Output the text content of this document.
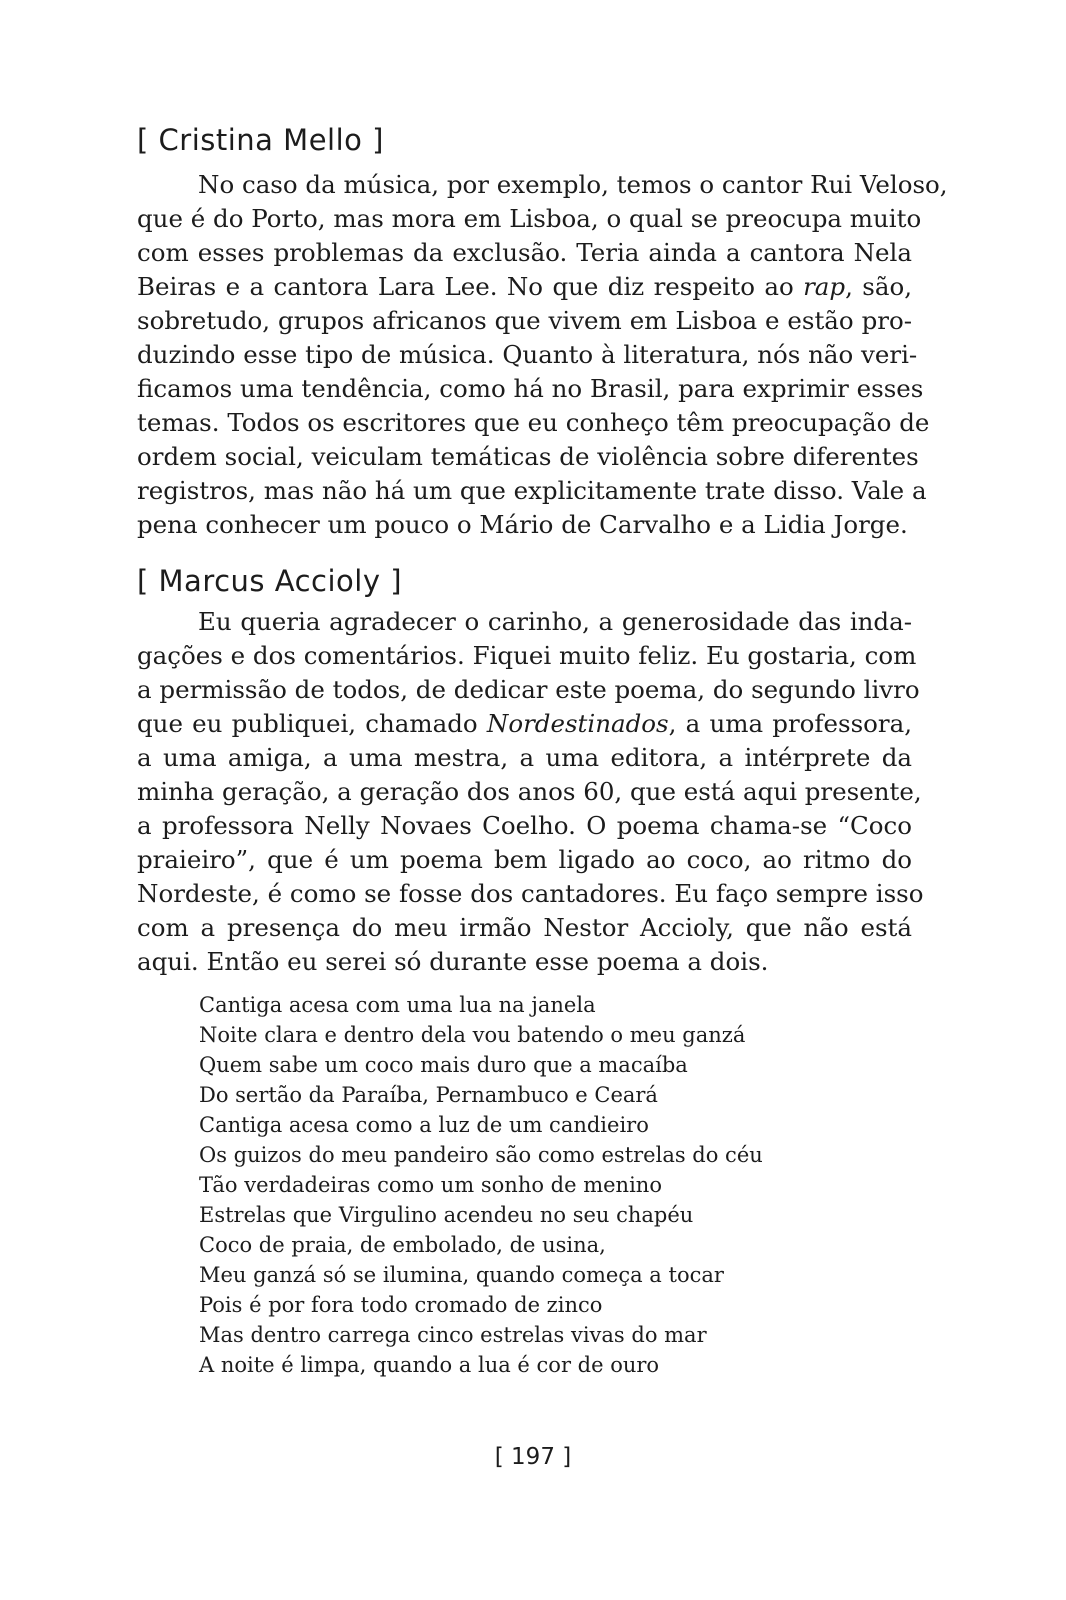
[ Cristina Mello ]
No caso da música, por exemplo, temos o cantor Rui Veloso,
que é do Porto, mas mora em Lisboa, o qual se preocupa muito
com esses problemas da exclusão. Teria ainda a cantora Nela
Beiras e a cantora Lara Lee. No que diz respeito ao rap, são,
sobretudo, grupos africanos que vivem em Lisboa e estão pro-
duzindo esse tipo de música. Quanto à literatura, nós não veri-
ficamos uma tendência, como há no Brasil, para exprimir esses
temas. Todos os escritores que eu conheço têm preocupação de
ordem social, veiculam temáticas de violência sobre diferentes
registros, mas não há um que explicitamente trate disso. Vale a
pena conhecer um pouco o Mário de Carvalho e a Lidia Jorge.
[ Marcus Accioly ]
Eu queria agradecer o carinho, a generosidade das inda-
gações e dos comentários. Fiquei muito feliz. Eu gostaria, com
a permissão de todos, de dedicar este poema, do segundo livro
que eu publiquei, chamado Nordestinados, a uma professora,
a uma amiga, a uma mestra, a uma editora, a intérprete da
minha geração, a geração dos anos 60, que está aqui presente,
a professora Nelly Novaes Coelho. O poema chama-se “Coco
praieiro”, que é um poema bem ligado ao coco, ao ritmo do
Nordeste, é como se fosse dos cantadores. Eu faço sempre isso
com a presença do meu irmão Nestor Accioly, que não está
aqui. Então eu serei só durante esse poema a dois.
Cantiga acesa com uma lua na janela
Noite clara e dentro dela vou batendo o meu ganzá
Quem sabe um coco mais duro que a macaíba
Do sertão da Paraíba, Pernambuco e Ceará
Cantiga acesa como a luz de um candieiro
Os guizos do meu pandeiro são como estrelas do céu
Tão verdadeiras como um sonho de menino
Estrelas que Virgulino acendeu no seu chapéu
Coco de praia, de embolado, de usina,
Meu ganzá só se ilumina, quando começa a tocar
Pois é por fora todo cromado de zinco
Mas dentro carrega cinco estrelas vivas do mar
A noite é limpa, quando a lua é cor de ouro
[ 197 ]
